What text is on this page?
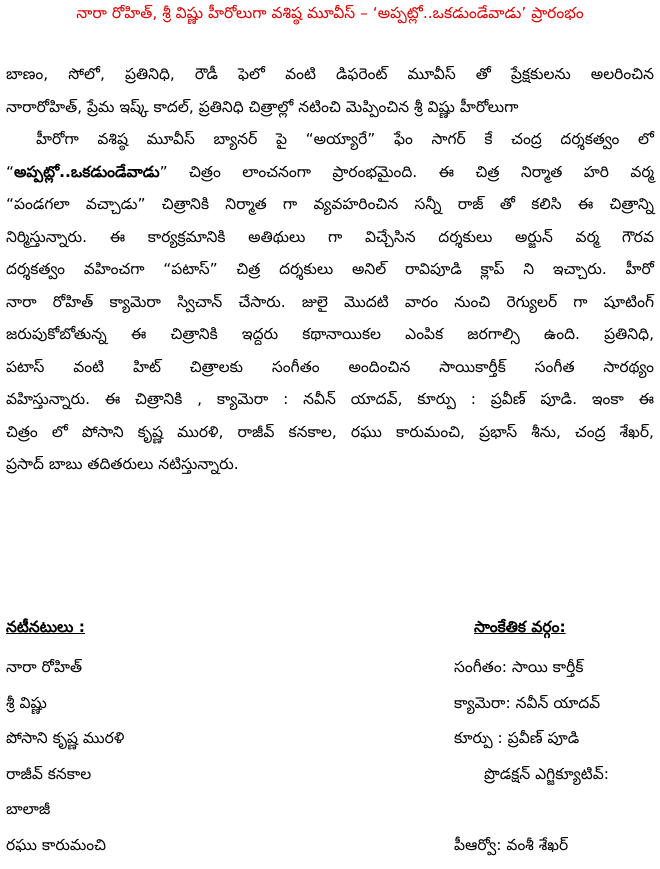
నారా రోహిత్, శ్రీ విష్ణు హీరోలుగా వశిష్ఠ మూవీస్ – ‘అప్పట్లో..ఒకడుండేవాడు’ ప్రారంభం
బాణం, సోలో, ప్రతినిధి, రౌడీ ఫెలో వంటి డిఫరెంట్ మూవీస్ తో ప్రేక్షకులను అలరించిన
నారారోహిత్, ప్రేమ ఇష్క్ కాదల్, ప్రతినిధి చిత్రాల్లో నటించి మెప్పించిన శ్రీ విష్ణు హీరోలుగా
హీరోగా వశిష్ఠ మూవీస్ బ్యానర్ పై “అయ్యారే” ఫేం సాగర్ కే చంద్ర దర్శకత్వం లో
“అప్పట్లో..ఒకడుండేవాడు” చిత్రం లాంచనంగా ప్రారంభమైంది. ఈ చిత్ర నిర్మాత హరి వర్మ
“పండగలా వచ్చాడు” చిత్రానికి నిర్మాత గా వ్యవహరించిన సన్నీ రాజ్ తో కలిసి ఈ చిత్రాన్ని
నిర్మిస్తున్నారు. ఈ కార్యక్రమానికి అతిథులు గా విచ్చేసిన దర్శకులు అర్జున్ వర్మ గౌరవ
దర్శకత్వం వహించగా “పటాస్” చిత్ర దర్శకులు అనిల్ రావిపూడి క్లాప్ ని ఇచ్చారు. హీరో
నారా రోహిత్ క్యామెరా స్విచాన్ చేసారు. జులై మొదటి వారం నుంచి రెగ్యులర్ గా షూటింగ్
జరుపుకోబోతున్న ఈ చిత్రానికి ఇద్దరు కథానాయికల ఎంపిక జరగాల్సి ఉంది. ప్రతినిధి,
పటాస్ వంటి హిట్ చిత్రాలకు సంగీతం అందించిన సాయికార్తీక్ సంగీత సారథ్యం
వహిస్తున్నారు. ఈ చిత్రానికి , క్యామెరా : నవీన్ యాదవ్, కూర్పు : ప్రవీణ్ పూడి. ఇంకా ఈ
చిత్రం లో పోసాని కృష్ణ మురళి, రాజీవ్ కనకాల, రఘు కారుమంచి, ప్రభాస్ శీను, చంద్ర శేఖర్,
ప్రసాద్ బాబు తదితరులు నటిస్తున్నారు.
నటీనటులు :	సాంకేతిక వర్గం:
నారా రోహిత్
శ్రీ విష్ణు
పోసాని కృష్ణ మురళి
రాజీవ్ కనకాల
బాలాజీ
రఘు కారుమంచి
సంగీతం: సాయి కార్తీక్
క్యామెరా: నవీన్ యాదవ్
కూర్పు : ప్రవీణ్ పూడి
ప్రొడక్షన్ ఎగ్జిక్యూటివ్:
పీఆర్వో: వంశీ శేఖర్
